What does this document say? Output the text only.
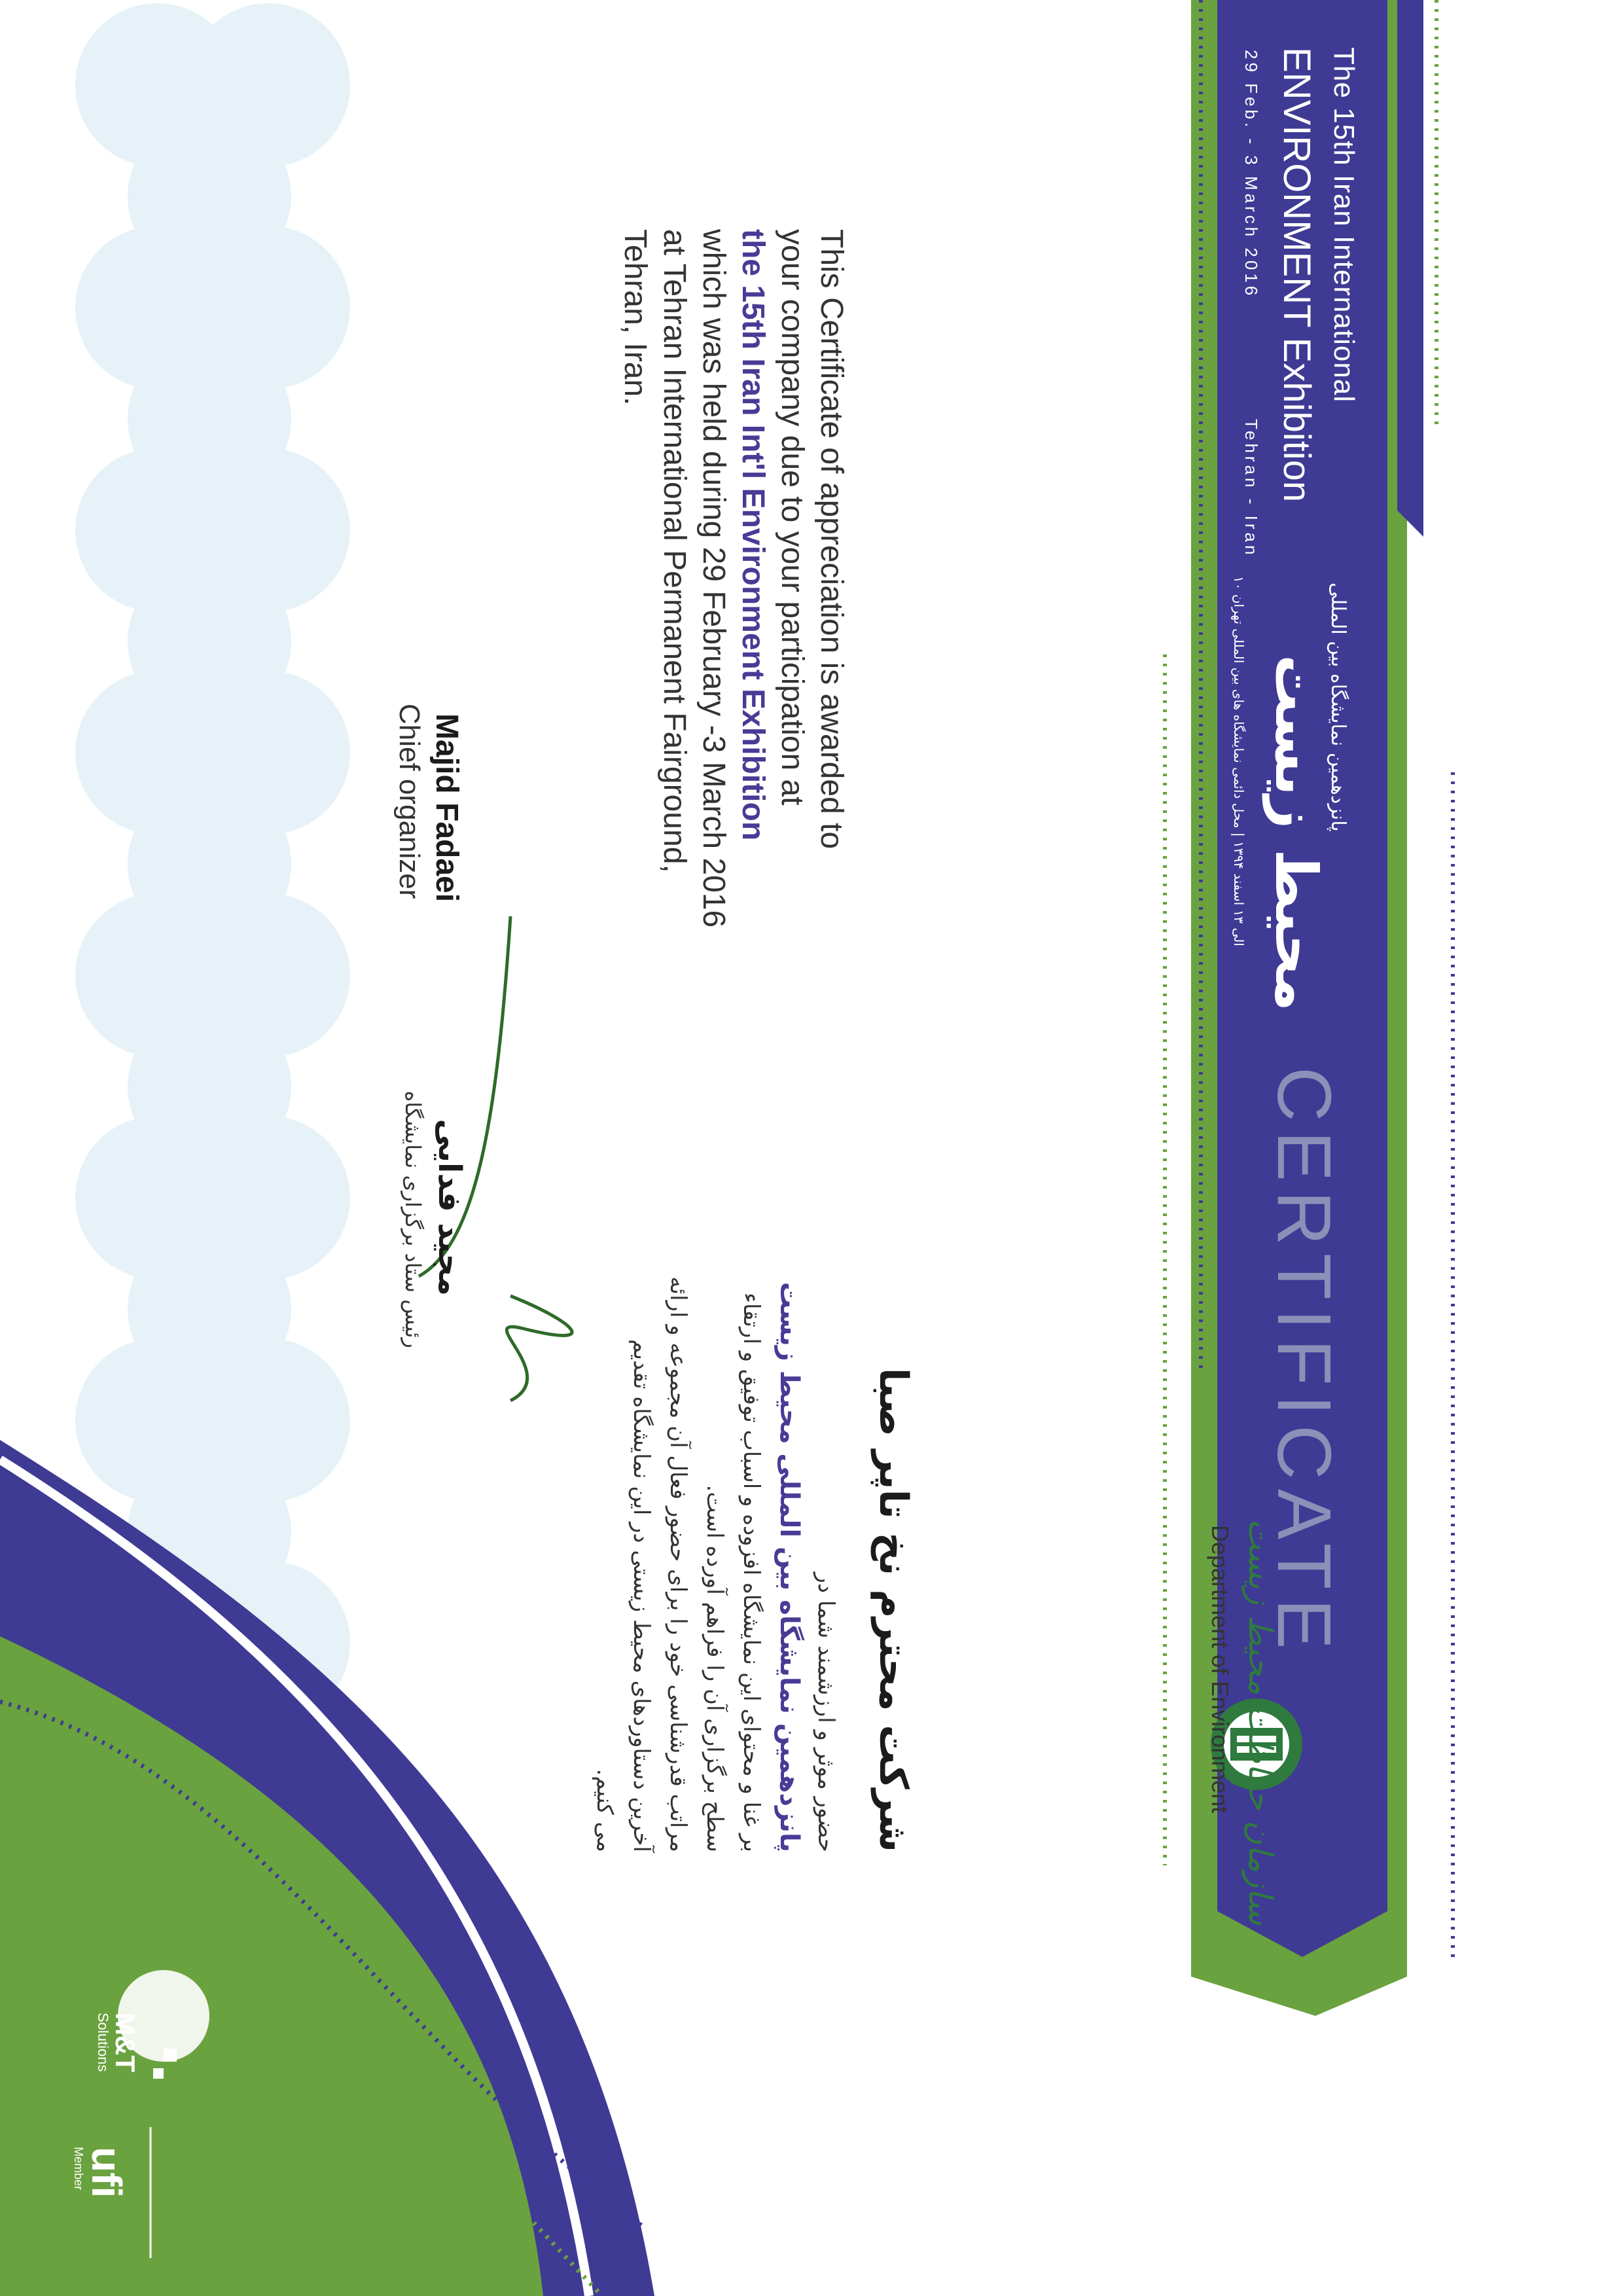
The 15th Iran International
ENVIRONMENT Exhibition
29 Feb. - 3 March 2016
Tehran - Iran
پانزدهمین نمایشگاه بین المللی
محیط زیست
۱۰ الی ۱۳ اسفند ۱۳۹۴ | محل دائمی نمایشگاه های بین المللی تهران
CERTIFICATE
سازمان حفاظت محیط زیست
Department of Environment
This Certificate of appreciation is awarded to
your company due to your participation at
the 15th Iran Int'l Environment Exhibition
which was held during 29 February -3 March 2016
at Tehran International Permanent Fairground,
Tehran, Iran.
شرکت محترم نخ تاپر صبا
حضور موثر و ارزشمند شما در
پانزدهمین نمایشگاه بین المللی محیط زیست
بر غنا و محتوای این نمایشگاه افزوده و اسباب توفیق و ارتقاء
سطح برگزاری آن را فراهم آورده است.
مراتب قدرشناسی خود را برای حضور فعال آن مجموعه و ارائه
آخرین دستاوردهای محیط زیستی در این نمایشگاه تقدیم
می کنیم.
Majid Fadaei
Chief organizer
مجید فدایی
رئیس ستاد برگزاری نمایشگاه
ufi
Member
M&T
Solutions
